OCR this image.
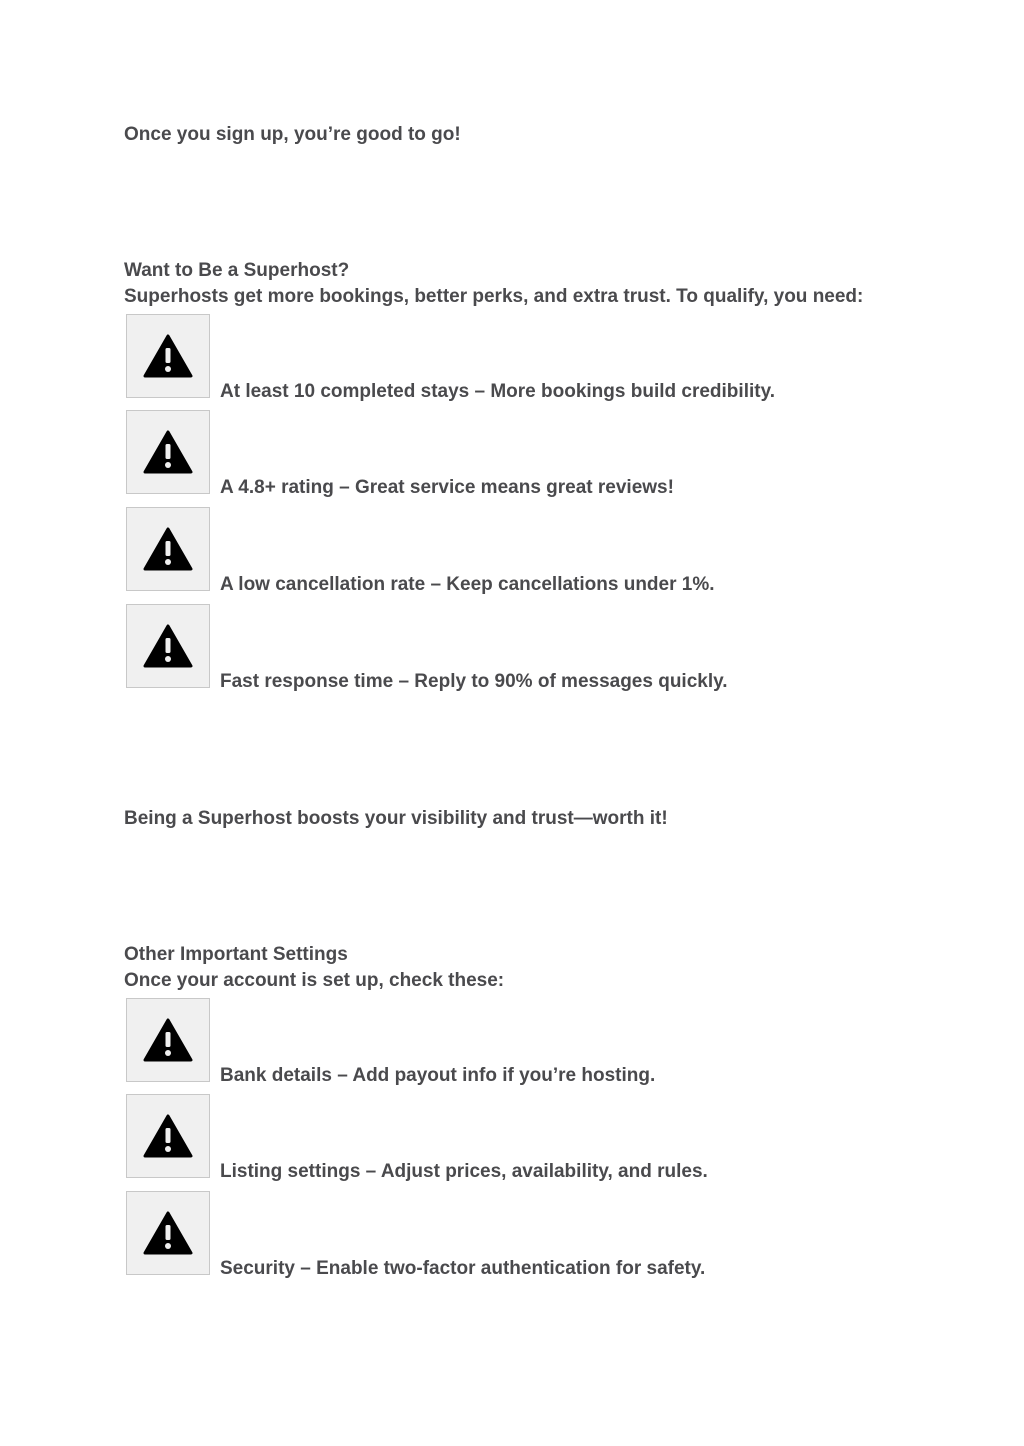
Once you sign up, you’re good to go!
Want to Be a Superhost?
Superhosts get more bookings, better perks, and extra trust. To qualify, you need:
At least 10 completed stays – More bookings build credibility.
A 4.8+ rating – Great service means great reviews!
A low cancellation rate – Keep cancellations under 1%.
Fast response time – Reply to 90% of messages quickly.
Being a Superhost boosts your visibility and trust—worth it!
Other Important Settings
Once your account is set up, check these:
Bank details – Add payout info if you’re hosting.
Listing settings – Adjust prices, availability, and rules.
Security – Enable two-factor authentication for safety.
